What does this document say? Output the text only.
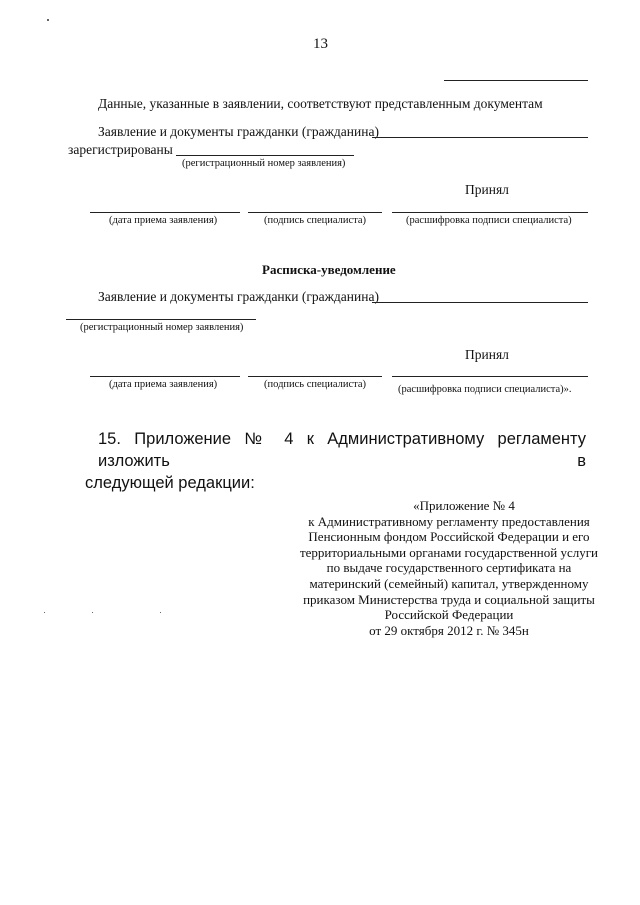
13
Данные, указанные в заявлении, соответствуют представленным документам
Заявление и документы гражданки (гражданина)
зарегистрированы
(регистрационный номер заявления)
Принял
(дата приема заявления)	(подпись специалиста)	(расшифровка подписи специалиста)
Расписка-уведомление
Заявление и документы гражданки (гражданина)
(регистрационный номер заявления)
Принял
(дата приема заявления)	(подпись специалиста)	(расшифровка подписи специалиста)».
15. Приложение № 4 к Административному регламенту изложить в
следующей редакции:
«Приложение № 4
к Административному регламенту предоставления
Пенсионным фондом Российской Федерации и его
территориальными органами государственной услуги
по выдаче государственного сертификата на
материнский (семейный) капитал, утвержденному
приказом Министерства труда и социальной защиты
Российской Федерации
от 29 октября 2012 г. № 345н
